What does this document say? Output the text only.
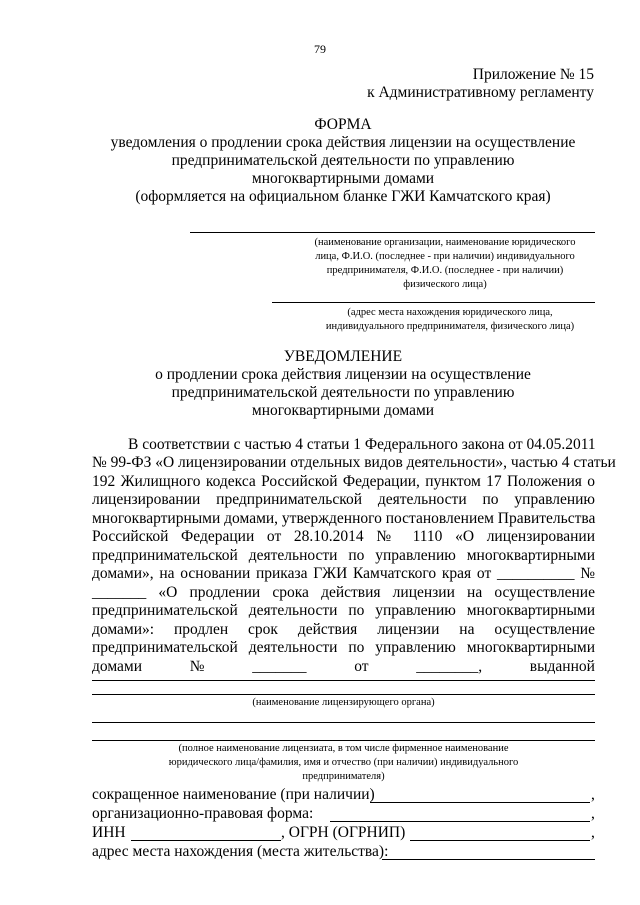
79
Приложение № 15
к Административному регламенту
ФОРМА
уведомления о продлении срока действия лицензии на осуществление
предпринимательской деятельности по управлению
многоквартирными домами
(оформляется на официальном бланке ГЖИ Камчатского края)
(наименование организации, наименование юридического
лица, Ф.И.О. (последнее - при наличии) индивидуального
предпринимателя, Ф.И.О. (последнее - при наличии)
физического лица)
(адрес места нахождения юридического лица,
индивидуального предпринимателя, физического лица)
УВЕДОМЛЕНИЕ
о продлении срока действия лицензии на осуществление
предпринимательской деятельности по управлению
многоквартирными домами
В соответствии с частью 4 статьи 1 Федерального закона от 04.05.2011
№ 99-ФЗ «О лицензировании отдельных видов деятельности», частью 4 статьи
192 Жилищного кодекса Российской Федерации, пунктом 17 Положения о
лицензировании предпринимательской деятельности по управлению
многоквартирными домами, утвержденного постановлением Правительства
Российской Федерации от 28.10.2014 № 1110 «О лицензировании
предпринимательской деятельности по управлению многоквартирными
домами», на основании приказа ГЖИ Камчатского края от __________ №
_______ «О продлении срока действия лицензии на осуществление
предпринимательской деятельности по управлению многоквартирными
домами»: продлен срок действия лицензии на осуществление
предпринимательской деятельности по управлению многоквартирными
домами	№	_______	от	________,	выданной
(наименование лицензирующего органа)
(полное наименование лицензиата, в том числе фирменное наименование
юридического лица/фамилия, имя и отчество (при наличии) индивидуального
предпринимателя)
сокращенное наименование (при наличии)	,
организационно-правовая форма:	,
ИНН	, ОГРН (ОГРНИП)	,
адрес места нахождения (места жительства):
